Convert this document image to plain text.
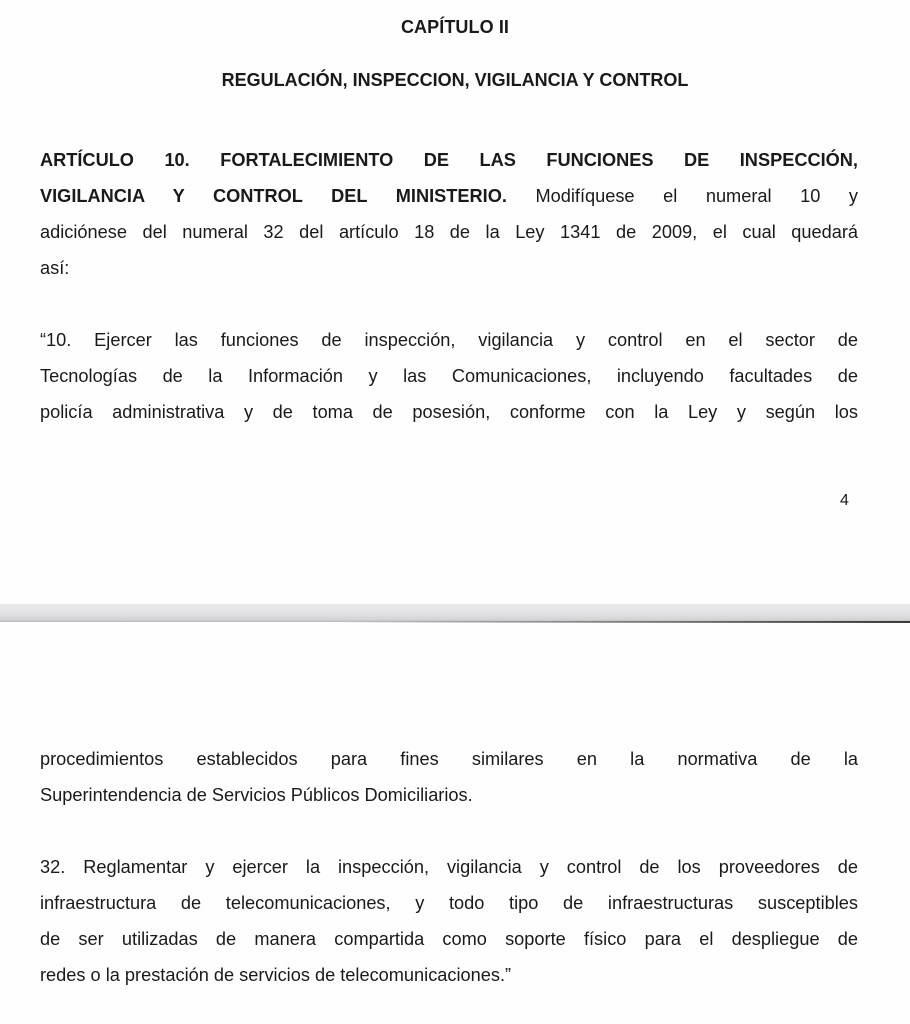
CAPÍTULO II
REGULACIÓN, INSPECCION, VIGILANCIA Y CONTROL
ARTÍCULO 10. FORTALECIMIENTO DE LAS FUNCIONES DE INSPECCIÓN,
VIGILANCIA Y CONTROL DEL MINISTERIO. Modifíquese el numeral 10 y
adiciónese del numeral 32 del artículo 18 de la Ley 1341 de 2009, el cual quedará
así:
“10. Ejercer las funciones de inspección, vigilancia y control en el sector de
Tecnologías de la Información y las Comunicaciones, incluyendo facultades de
policía administrativa y de toma de posesión, conforme con la Ley y según los
4
procedimientos establecidos para fines similares en la normativa de la
Superintendencia de Servicios Públicos Domiciliarios.
32. Reglamentar y ejercer la inspección, vigilancia y control de los proveedores de
infraestructura de telecomunicaciones, y todo tipo de infraestructuras susceptibles
de ser utilizadas de manera compartida como soporte físico para el despliegue de
redes o la prestación de servicios de telecomunicaciones.”
